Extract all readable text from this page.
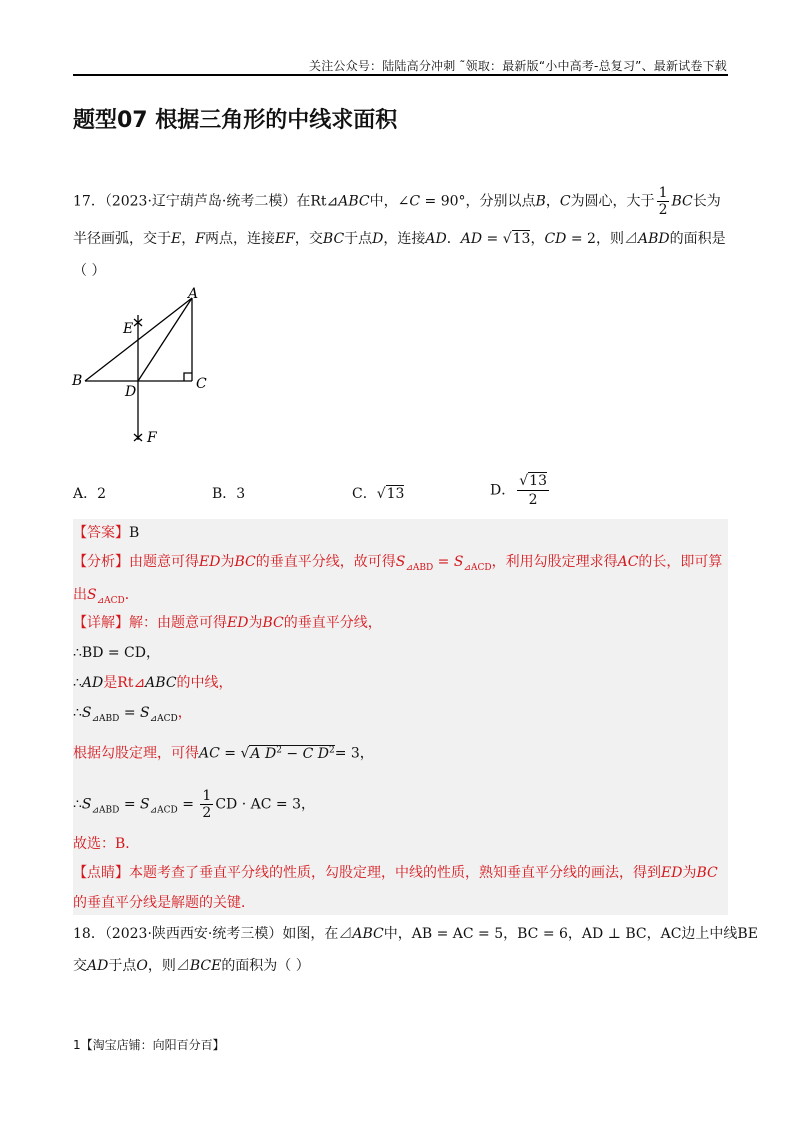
关注公众号：陆陆高分冲刺 ˜领取：最新版“小中高考-总复习”、最新试卷下载
题型07 根据三角形的中线求面积
17．（2023·辽宁葫芦岛·统考二模）在Rt⊿ABC中，∠C = 90°，分别以点B，C为圆心，大于 $\frac{1}{2}$ BC长为
半径画弧，交于E，F两点，连接EF，交BC于点D，连接AD．AD = √13，CD = 2，则⊿ABD的面积是
（ ）
A
B	C
D
E
F
A．2	B．3	C．√13	D． $\frac{√13}{2}$
【答案】B
【分析】由题意可得ED为BC的垂直平分线，故可得$S_{⊿ABD} = S_{⊿ACD}$，利用勾股定理求得AC的长，即可算
出$S_{⊿ACD}$．
【详解】解：由题意可得ED为BC的垂直平分线，
∴BD = CD，
∴AD是Rt⊿ABC的中线，
$\therefore S_{⊿ABD} = S_{⊿ACD}$，
根据勾股定理，可得AC = √A $D^2 - C$ $D^2= 3$，
$\therefore S_{⊿ABD} = S_{⊿ACD} = \frac{1}{2}$ CD · AC = 3，
故选：B．
【点睛】本题考查了垂直平分线的性质，勾股定理，中线的性质，熟知垂直平分线的画法，得到ED为BC
的垂直平分线是解题的关键．
18．（2023·陕西西安·统考三模）如图，在⊿ABC中，AB = AC = 5，BC = 6，AD ⊥ BC，AC边上中线BE
交AD于点O，则⊿BCE的面积为（ ）
1【淘宝店铺：向阳百分百】
